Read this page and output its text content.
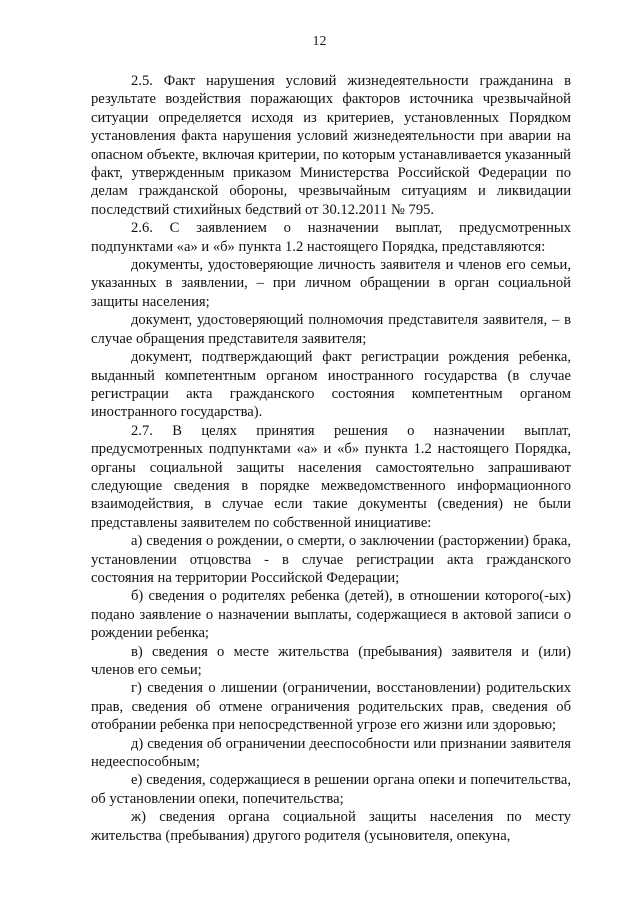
12

2.5. Факт нарушения условий жизнедеятельности гражданина в результате воздействия поражающих факторов источника чрезвычайной ситуации определяется исходя из критериев, установленных Порядком установления факта нарушения условий жизнедеятельности при аварии на опасном объекте, включая критерии, по которым устанавливается указанный факт, утвержденным приказом Министерства Российской Федерации по делам гражданской обороны, чрезвычайным ситуациям и ликвидации последствий стихийных бедствий от 30.12.2011 № 795.

2.6. С заявлением о назначении выплат, предусмотренных подпунктами «а» и «б» пункта 1.2 настоящего Порядка, представляются:

документы, удостоверяющие личность заявителя и членов его семьи, указанных в заявлении, – при личном обращении в орган социальной защиты населения;

документ, удостоверяющий полномочия представителя заявителя, – в случае обращения представителя заявителя;

документ, подтверждающий факт регистрации рождения ребенка, выданный компетентным органом иностранного государства (в случае регистрации акта гражданского состояния компетентным органом иностранного государства).

2.7. В целях принятия решения о назначении выплат, предусмотренных подпунктами «а» и «б» пункта 1.2 настоящего Порядка, органы социальной защиты населения самостоятельно запрашивают следующие сведения в порядке межведомственного информационного взаимодействия, в случае если такие документы (сведения) не были представлены заявителем по собственной инициативе:

а) сведения о рождении, о смерти, о заключении (расторжении) брака, установлении отцовства - в случае регистрации акта гражданского состояния на территории Российской Федерации;

б) сведения о родителях ребенка (детей), в отношении которого(-ых) подано заявление о назначении выплаты, содержащиеся в актовой записи о рождении ребенка;

в) сведения о месте жительства (пребывания) заявителя и (или) членов его семьи;

г) сведения о лишении (ограничении, восстановлении) родительских прав, сведения об отмене ограничения родительских прав, сведения об отобрании ребенка при непосредственной угрозе его жизни или здоровью;

д) сведения об ограничении дееспособности или признании заявителя недееспособным;

е) сведения, содержащиеся в решении органа опеки и попечительства, об установлении опеки, попечительства;

ж) сведения органа социальной защиты населения по месту жительства (пребывания) другого родителя (усыновителя, опекуна,
